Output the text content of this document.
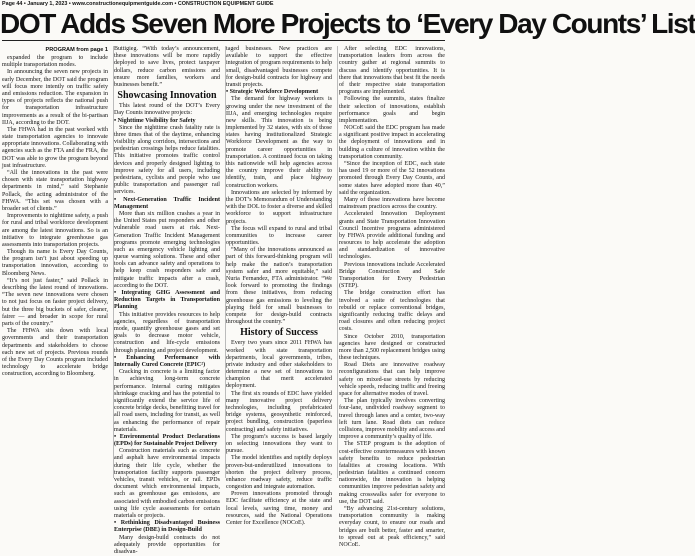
Page 44 • January 1, 2023 • www.constructionequipmentguide.com • CONSTRUCTION EQUIPMENT GUIDE
DOT Adds Seven More Projects to ‘Every Day Counts’ List
PROGRAM from page 1

expanded the program to include multiple transportation modes.

In announcing the seven new projects in early December, the DOT said the program will focus more intently on traffic safety and emissions reduction. The expansion in types of projects reflects the national push for transportation infrastructure improvements as a result of the bi-partisan IIJA, according to the DOT.

The FHWA had in the past worked with state transportation agencies to innovate appropriate innovations. Collaborating with agencies such as the FTA and the FRA, the DOT was able to grow the program beyond just infrastructure.

“All the innovations in the past were chosen with state transportation highway departments in mind,” said Stephanie Pollack, the acting administrator of the FHWA. “This set was chosen with a broader set of clients.”

Improvements to nighttime safety, a push for rural and tribal workforce development are among the latest innovations. So is an initiative to integrate greenhouse gas assessments into transportation projects.

Though its name is Every Day Counts, the program isn’t just about speeding up transportation innovation, according to Bloomberg News.

“It’s not just faster,” said Pollack in describing the latest round of innovations. “The seven new innovations were chosen to not just focus on faster project delivery, but the three big buckets of safer, cleaner, fairer — and broader in scope for rural parts of the country.”

The FHWA sits down with local governments and their transportation departments and stakeholders to choose each new set of projects. Previous rounds of the Every Day Counts program included technology to accelerate bridge construction, according to Bloomberg.

Buttigieg. “With today’s announcement, these innovations will be more rapidly deployed to save lives, protect taxpayer dollars, reduce carbon emissions and ensure more families, workers and businesses benefit.”

Showcasing Innovation

This latest round of the DOT’s Every Day Counts innovative projects:

• Nighttime Visibility for Safety

Since the nighttime crash fatality rate is three times that of the daytime, enhancing visibility along corridors, intersections and pedestrian crossings helps reduce fatalities. This initiative promotes traffic control devices and properly designed lighting to improve safety for all users, including pedestrians, cyclists and people who use public transportation and passenger rail services.

• Next-Generation Traffic Incident Management

More than six million crashes a year in the United States put responders and other vulnerable road users at risk. Next-Generation Traffic Incident Management programs promote emerging technologies such as emergency vehicle lighting and queue warning solutions. These and other tools can advance safety and operations to help keep crash responders safe and mitigate traffic impacts after a crash, according to the DOT.

• Integrating GHG Assessment and Reduction Targets in Transportation Planning

This initiative provides resources to help agencies, regardless of transportation mode, quantify greenhouse gases and set goals to decrease motor vehicle, construction and life-cycle emissions through planning and project development.

• Enhancing Performance with Internally Cured Concrete (EPIC²)

Cracking in concrete is a limiting factor in achieving long-term concrete performance. Internal curing mitigates shrinkage cracking and has the potential to significantly extend the service life of concrete bridge decks, benefitting travel for all road users, including for transit, as well as enhancing the performance of repair materials.

• Environmental Product Declarations (EPDs) for Sustainable Project Delivery

Construction materials such as concrete and asphalt have environmental impacts during their life cycle, whether the transportation facility supports passenger vehicles, transit vehicles, or rail. EPDs document which environmental impacts, such as greenhouse gas emissions, are associated with embodied carbon emissions using life cycle assessments for certain materials or projects.

• Rethinking Disadvantaged Business Enterprise (DBE) in Design-Build

Many design-build contracts do not adequately provide opportunities for disadvan-

taged businesses. New practices are available to support the effective integration of program requirements to help small, disadvantaged businesses compete for design-build contracts for highway and transit projects.

• Strategic Workforce Development

The demand for highway workers is growing under the new investment of the IIJA, and emerging technologies require new skills. This innovation is being implemented by 32 states, with six of those states having institutionalized Strategic Workforce Development as the way to promote career opportunities in transportation. A continued focus on taking this nationwide will help agencies across the country improve their ability to identify, train, and place highway construction workers.

Innovations are selected by informed by the DOT’s Memorandum of Understanding with the DOL to foster a diverse and skilled workforce to support infrastructure projects.

The focus will expand to rural and tribal communities to increase career opportunities.

“Many of the innovations announced as part of this forward-thinking program will help make the nation’s transportation system safer and more equitable,” said Nuria Fernandez, FTA administrator. “We look forward to promoting the findings from these initiatives, from reducing greenhouse gas emissions to leveling the playing field for small businesses to compete for design-build contracts throughout the country.”

History of Success

Every two years since 2011 FHWA has worked with state transportation departments, local governments, tribes, private industry and other stakeholders to determine a new set of innovations to champion that merit accelerated deployment.

The first six rounds of EDC have yielded many innovative project delivery technologies, including prefabricated bridge systems, geosynthetic reinforced, project bundling, construction (paperless contracting) and safety initiatives.

The program’s success is based largely on selecting innovations they want to pursue.

The model identifies and rapidly deploys proven-but-underutilized innovations to shorten the project delivery process, enhance roadway safety, reduce traffic congestion and integrate automation.

Proven innovations promoted through EDC facilitate efficiency at the state and local levels, saving time, money and resources, said the National Operations Center for Excellence (NOCoE).

After selecting EDC innovations, transportation leaders from across the country gather at regional summits to discuss and identify opportunities. It is there that innovations that best fit the needs of their respective state transportation programs are implemented.

Following the summits, states finalize their selection of innovations, establish performance goals and begin implementation.

NOCoE said the EDC program has made a significant positive impact in accelerating the deployment of innovations and in building a culture of innovation within the transportation community.

“Since the inception of EDC, each state has used 19 or more of the 52 innovations promoted through Every Day Counts, and some states have adopted more than 40,” said the organization.

Many of these innovations have become mainstream practices across the country.

Accelerated Innovation Deployment grants and State Transportation Innovation Council Incentive programs administered by FHWA provide additional funding and resources to help accelerate the adoption and standardization of innovative technologies.

Previous innovations include Accelerated Bridge Construction and Safe Transportation for Every Pedestrian (STEP).

The bridge construction effort has involved a suite of technologies that rebuild or replace conventional bridges, significantly reducing traffic delays and road closures and often reducing project costs.

Since October 2010, transportation agencies have designed or constructed more than 2,500 replacement bridges using these techniques.

Road Diets are innovative roadway reconfigurations that can help improve safety on mixed-use streets by reducing vehicle speeds, reducing traffic and freeing space for alternative modes of travel.

The plan typically involves converting four-lane, undivided roadway segment to travel through lanes and a center, two-way left turn lane. Road diets can reduce collisions, improve mobility and access and improve a community’s quality of life.

The STEP program is the adoption of cost-effective countermeasures with known safety benefits to reduce pedestrian fatalities at crossing locations. With pedestrian fatalities a continued concern nationwide, the innovation is helping communities improve pedestrian safety and making crosswalks safer for everyone to use, the DOT said.

“By advancing 21st-century solutions, transportation community is making everyday count, to ensure our roads and bridges are built better, faster and smarter, to spread out at peak efficiency,” said NOCoE.
